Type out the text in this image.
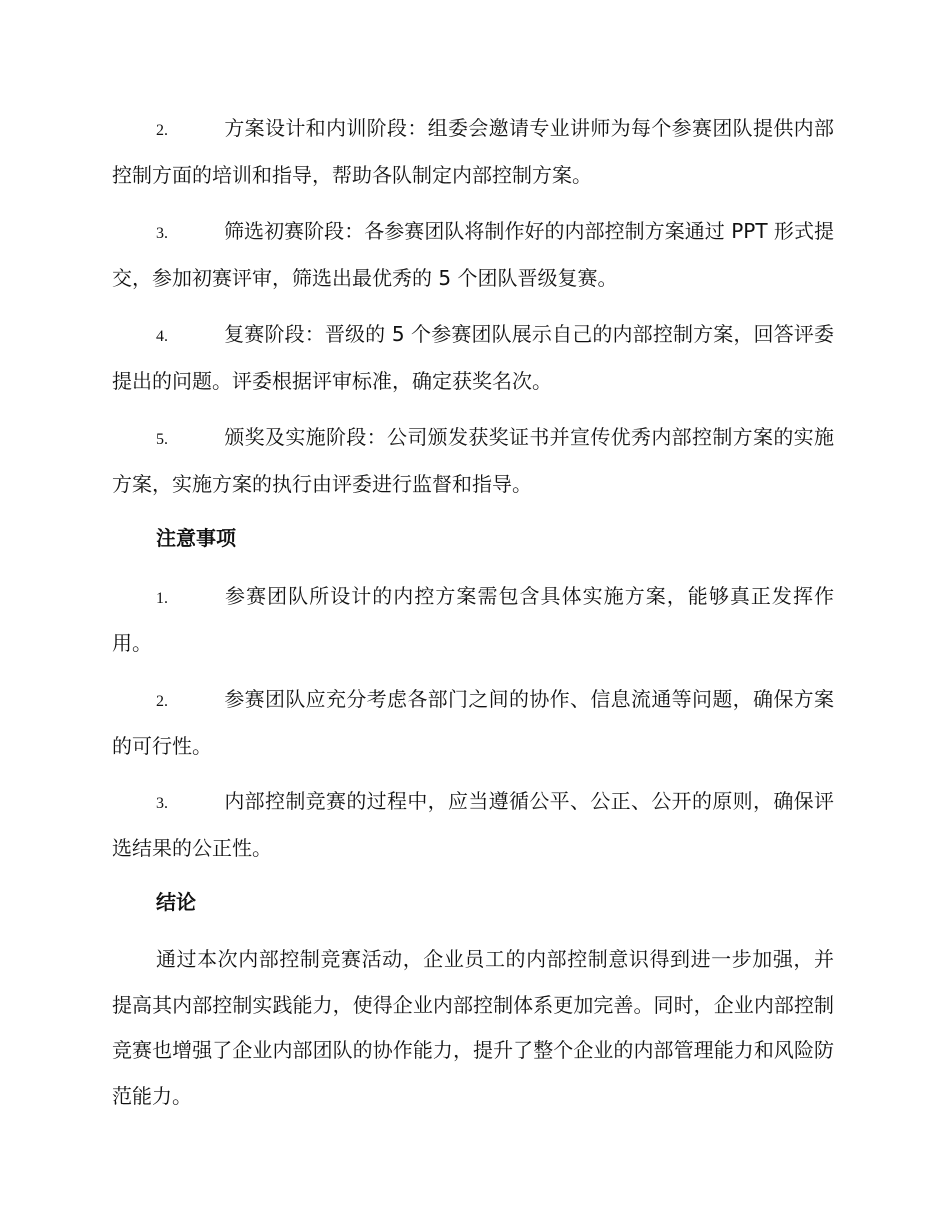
2.	方案设计和内训阶段：组委会邀请专业讲师为每个参赛团队提供内部控制方面的培训和指导，帮助各队制定内部控制方案。
3.	筛选初赛阶段：各参赛团队将制作好的内部控制方案通过 PPT 形式提交，参加初赛评审，筛选出最优秀的 5 个团队晋级复赛。
4.	复赛阶段：晋级的 5 个参赛团队展示自己的内部控制方案，回答评委提出的问题。评委根据评审标准，确定获奖名次。
5.	颁奖及实施阶段：公司颁发获奖证书并宣传优秀内部控制方案的实施方案，实施方案的执行由评委进行监督和指导。
注意事项
1.	参赛团队所设计的内控方案需包含具体实施方案，能够真正发挥作用。
2.	参赛团队应充分考虑各部门之间的协作、信息流通等问题，确保方案的可行性。
3.	内部控制竞赛的过程中，应当遵循公平、公正、公开的原则，确保评选结果的公正性。
结论
通过本次内部控制竞赛活动，企业员工的内部控制意识得到进一步加强，并提高其内部控制实践能力，使得企业内部控制体系更加完善。同时，企业内部控制竞赛也增强了企业内部团队的协作能力，提升了整个企业的内部管理能力和风险防范能力。
